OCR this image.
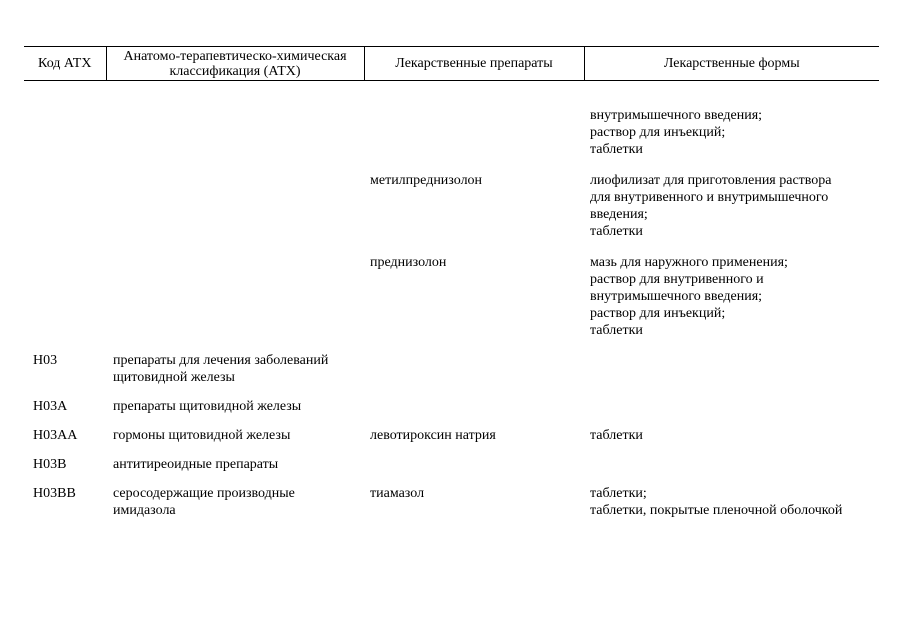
Код АТХ	Анатомо-терапевтическо-химическая
классификация (АТХ)	Лекарственные препараты	Лекарственные формы

			внутримышечного введения;
раствор для инъекций;
таблетки

		метилпреднизолон	лиофилизат для приготовления раствора
для внутривенного и внутримышечного
введения;
таблетки

		преднизолон	мазь для наружного применения;
раствор для внутривенного и
внутримышечного введения;
раствор для инъекций;
таблетки

H03	препараты для лечения заболеваний
щитовидной железы		

H03A	препараты щитовидной железы		

H03AA	гормоны щитовидной железы	левотироксин натрия	таблетки

H03B	антитиреоидные препараты		

H03BB	серосодержащие производные
имидазола	тиамазол	таблетки;
таблетки, покрытые пленочной оболочкой
